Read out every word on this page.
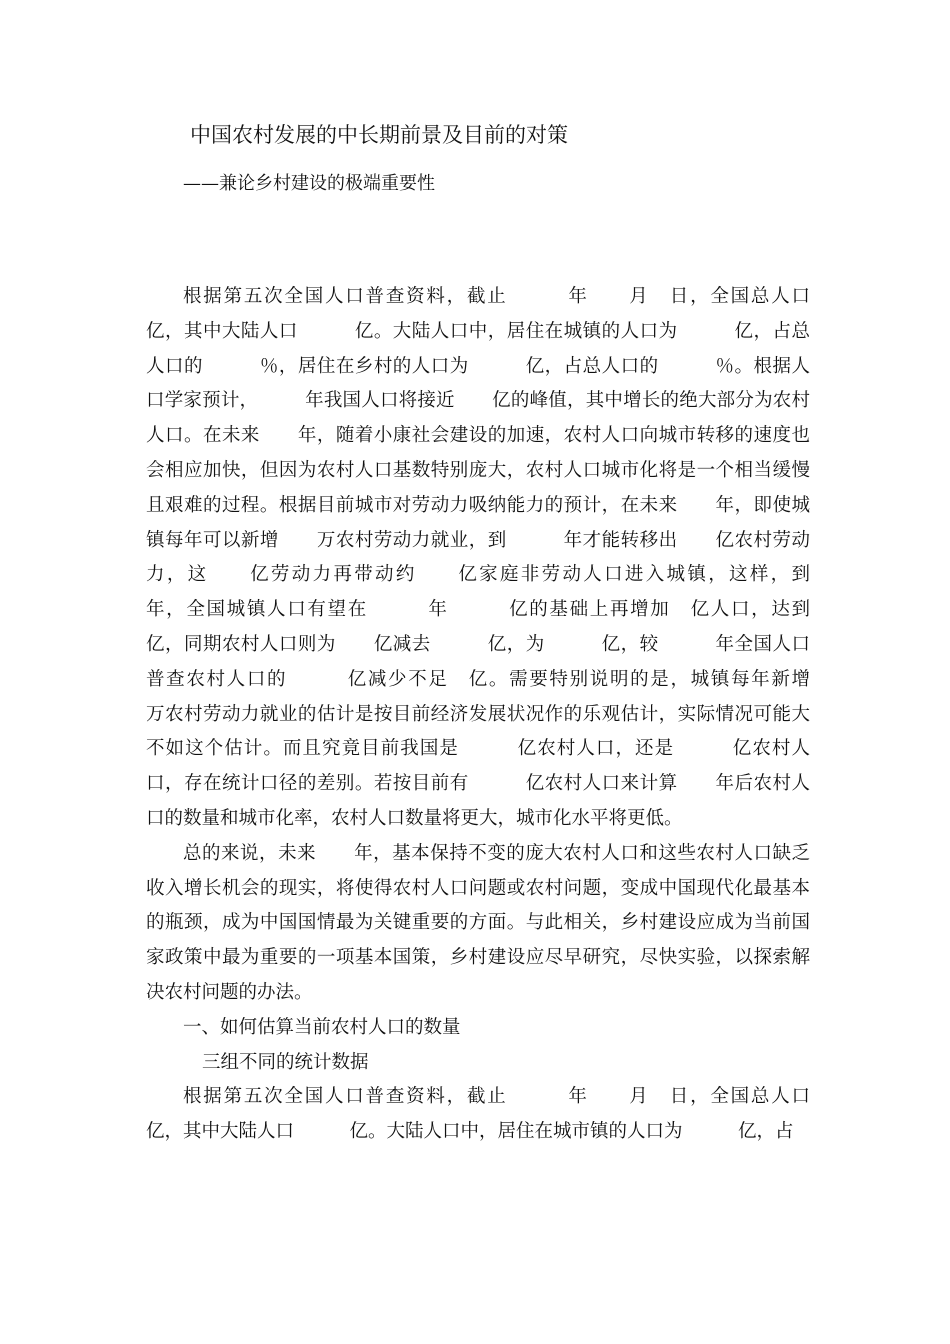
中国农村发展的中长期前景及目前的对策
——兼论乡村建设的极端重要性

根据第五次全国人口普查资料，截止　　　年　　月　日，全国总人口　　　亿，其中大陆人口　　　亿。大陆人口中，居住在城镇的人口为　　　亿，占总人口的　　　％，居住在乡村的人口为　　　亿，占总人口的　　　％。根据人口学家预计，　　　年我国人口将接近　　亿的峰值，其中增长的绝大部分为农村人口。在未来　　年，随着小康社会建设的加速，农村人口向城市转移的速度也会相应加快，但因为农村人口基数特别庞大，农村人口城市化将是一个相当缓慢且艰难的过程。根据目前城市对劳动力吸纳能力的预计，在未来　　年，即使城镇每年可以新增　　万农村劳动力就业，到　　　年才能转移出　　亿农村劳动力，这　　亿劳动力再带动约　　亿家庭非劳动人口进入城镇，这样，到　　　年，全国城镇人口有望在　　　年　　　亿的基础上再增加　亿人口，达到　　　亿，同期农村人口则为　　亿减去　　　亿，为　　　亿，较　　　年全国人口普查农村人口的　　　亿减少不足　亿。需要特别说明的是，城镇每年新增　　万农村劳动力就业的估计是按目前经济发展状况作的乐观估计，实际情况可能大不如这个估计。而且究竟目前我国是　　　亿农村人口，还是　　　亿农村人口，存在统计口径的差别。若按目前有　　　亿农村人口来计算　　年后农村人口的数量和城市化率，农村人口数量将更大，城市化水平将更低。

总的来说，未来　　年，基本保持不变的庞大农村人口和这些农村人口缺乏收入增长机会的现实，将使得农村人口问题或农村问题，变成中国现代化最基本的瓶颈，成为中国国情最为关键重要的方面。与此相关，乡村建设应成为当前国家政策中最为重要的一项基本国策，乡村建设应尽早研究，尽快实验，以探索解决农村问题的办法。

一、如何估算当前农村人口的数量
三组不同的统计数据

根据第五次全国人口普查资料，截止　　　年　　月　日，全国总人口　　　亿，其中大陆人口　　　亿。大陆人口中，居住在城市镇的人口为　　　亿，占
